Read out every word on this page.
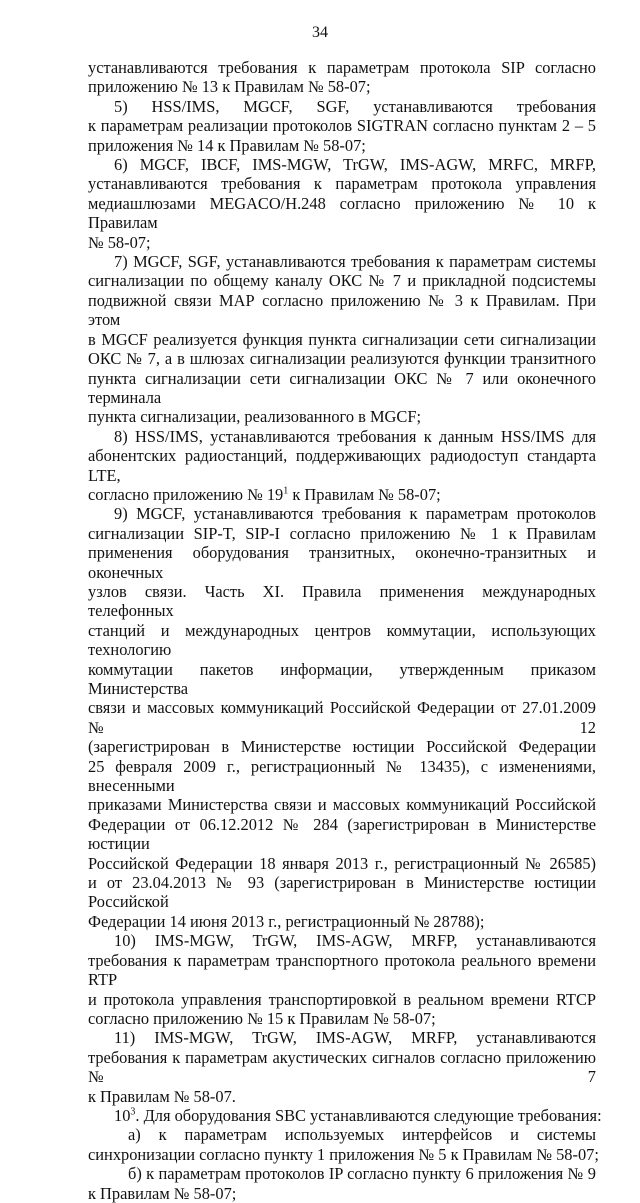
34
устанавливаются требования к параметрам протокола SIP согласно
приложению № 13 к Правилам № 58-07;
5) HSS/IMS, MGCF, SGF, устанавливаются требования
к параметрам реализации протоколов SIGTRAN согласно пунктам 2 – 5
приложения № 14 к Правилам № 58-07;
6) MGCF, IBCF, IMS-MGW, TrGW, IMS-AGW, MRFC, MRFP,
устанавливаются требования к параметрам протокола управления
медиашлюзами MEGACO/H.248 согласно приложению № 10 к Правилам
№ 58-07;
7) MGCF, SGF, устанавливаются требования к параметрам системы
сигнализации по общему каналу ОКС № 7 и прикладной подсистемы
подвижной связи МАР согласно приложению № 3 к Правилам. При этом
в MGCF реализуется функция пункта сигнализации сети сигнализации
ОКС № 7, а в шлюзах сигнализации реализуются функции транзитного
пункта сигнализации сети сигнализации ОКС № 7 или оконечного терминала
пункта сигнализации, реализованного в MGCF;
8) HSS/IMS, устанавливаются требования к данным HSS/IMS для
абонентских радиостанций, поддерживающих радиодоступ стандарта LTE,
согласно приложению № $19^1$ к Правилам № 58-07;
9) MGCF, устанавливаются требования к параметрам протоколов
сигнализации SIP-T, SIP-I согласно приложению № 1 к Правилам
применения оборудования транзитных, оконечно-транзитных и оконечных
узлов связи. Часть XI. Правила применения международных телефонных
станций и международных центров коммутации, использующих технологию
коммутации пакетов информации, утвержденным приказом Министерства
связи и массовых коммуникаций Российской Федерации от 27.01.2009 № 12
(зарегистрирован в Министерстве юстиции Российской Федерации
25 февраля 2009 г., регистрационный № 13435), с изменениями, внесенными
приказами Министерства связи и массовых коммуникаций Российской
Федерации от 06.12.2012 № 284 (зарегистрирован в Министерстве юстиции
Российской Федерации 18 января 2013 г., регистрационный № 26585)
и от 23.04.2013 № 93 (зарегистрирован в Министерстве юстиции Российской
Федерации 14 июня 2013 г., регистрационный № 28788);
10) IMS-MGW, TrGW, IMS-AGW, MRFP, устанавливаются
требования к параметрам транспортного протокола реального времени RTP
и протокола управления транспортировкой в реальном времени RTCP
согласно приложению № 15 к Правилам № 58-07;
11) IMS-MGW, TrGW, IMS-AGW, MRFP, устанавливаются
требования к параметрам акустических сигналов согласно приложению № 7
к Правилам № 58-07.
$10^3$. Для оборудования SBC устанавливаются следующие требования:
а) к параметрам используемых интерфейсов и системы
синхронизации согласно пункту 1 приложения № 5 к Правилам № 58-07;
б) к параметрам протоколов IP согласно пункту 6 приложения № 9
к Правилам № 58-07;
